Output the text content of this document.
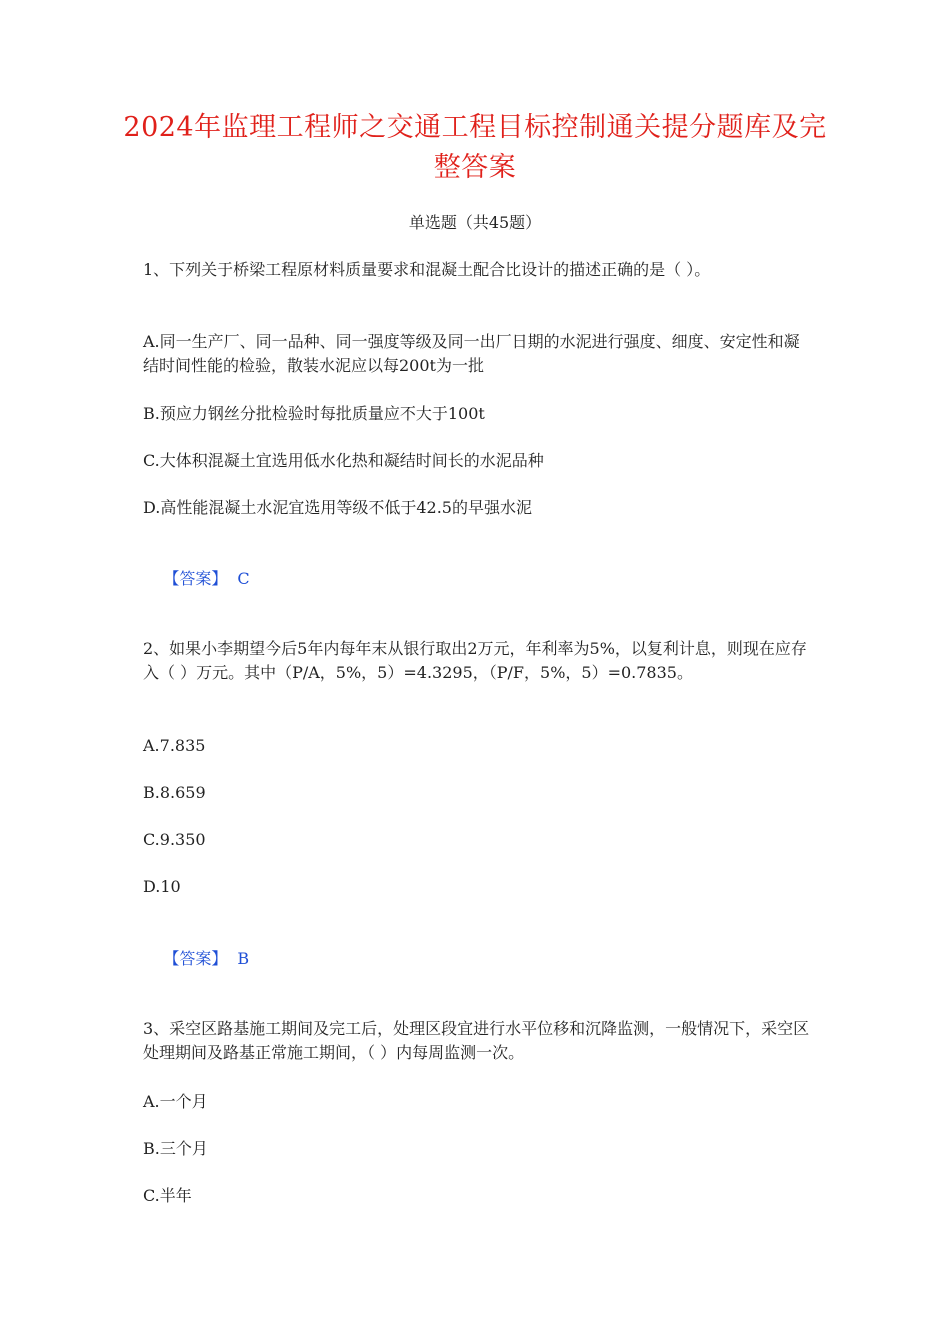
2024年监理工程师之交通工程目标控制通关提分题库及完整答案
单选题（共45题）
1、下列关于桥梁工程原材料质量要求和混凝土配合比设计的描述正确的是（ ）。
A.同一生产厂、同一品种、同一强度等级及同一出厂日期的水泥进行强度、细度、安定性和凝结时间性能的检验，散装水泥应以每200t为一批
B.预应力钢丝分批检验时每批质量应不大于100t
C.大体积混凝土宜选用低水化热和凝结时间长的水泥品种
D.高性能混凝土水泥宜选用等级不低于42.5的早强水泥

【答案】 C

2、如果小李期望今后5年内每年末从银行取出2万元，年利率为5%，以复利计息，则现在应存入（ ）万元。其中（P/A，5%，5）=4.3295，（P/F，5%，5）=0.7835。
A.7.835
B.8.659
C.9.350
D.10

【答案】 B

3、采空区路基施工期间及完工后，处理区段宜进行水平位移和沉降监测，一般情况下，采空区处理期间及路基正常施工期间，（ ）内每周监测一次。
A.一个月
B.三个月
C.半年
